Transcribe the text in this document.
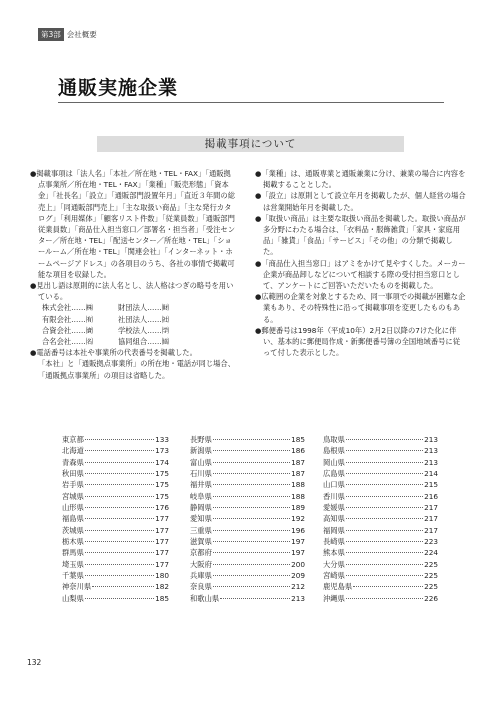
第3部 会社概要
通販実施企業
掲載事項について
●掲載事項は「法人名」「本社／所在地・TEL・FAX」「通販拠点事業所／所在地・TEL・FAX」「業種」「販売形態」「資本金」「社長名」「設立」「通販部門設置年月」「直近３年間の総売上」「同通販部門売上」「主な取扱い商品」「主な発行カタログ」「利用媒体」「顧客リスト件数」「従業員数」「通販部門従業員数」「商品仕入担当窓口／部署名・担当者」「受注センター／所在地・TEL」「配送センター／所在地・TEL」「ショールーム／所在地・TEL」「関連会社」「インターネット・ホームページアドレス」の各項目のうち、各社の事情で掲載可能な項目を収録した。
●見出し語は原則的に法人名とし、法人格はつぎの略号を用いている。
株式会社……㈱	財団法人……㈶
有限会社……㈲	社団法人……㈳
合資会社……㈾	学校法人……㈻
合名会社……㈴	協同組合……㈿
●電話番号は本社や事業所の代表番号を掲載した。
「本社」と「通販拠点事業所」の所在地・電話が同じ場合、「通販拠点事業所」の項目は省略した。
●「業種」は、通販専業と通販兼業に分け、兼業の場合に内容を掲載することとした。
●「設立」は原則として設立年月を掲載したが、個人経営の場合は営業開始年月を掲載した。
●「取扱い商品」は主要な取扱い商品を掲載した。取扱い商品が多分野にわたる場合は、「衣料品・服飾雑貨」「家具・家庭用品」「雑貨」「食品」「サービス」「その他」の分類で掲載した。
●「商品仕入担当窓口」はアミをかけて見やすくした。メーカー企業が商品卸しなどについて相談する際の受付担当窓口として、アンケートにご回答いただいたものを掲載した。
●広範囲の企業を対象とするため、同一事項での掲載が困難な企業もあり、その特殊性に沿って掲載事項を変更したものもある。
●郵便番号は1998年（平成10年）2月2日以降の7けた化に伴い、基本的に郵便局作成・新郵便番号簿の全国地域番号に従って付した表示とした。
東京都	133
北海道	173
青森県	174
秋田県	175
岩手県	175
宮城県	175
山形県	176
福島県	177
茨城県	177
栃木県	177
群馬県	177
埼玉県	177
千葉県	180
神奈川県	182
山梨県	185
長野県	185
新潟県	186
富山県	187
石川県	187
福井県	188
岐阜県	188
静岡県	189
愛知県	192
三重県	196
滋賀県	197
京都府	197
大阪府	200
兵庫県	209
奈良県	212
和歌山県	213
鳥取県	213
島根県	213
岡山県	213
広島県	214
山口県	215
香川県	216
愛媛県	217
高知県	217
福岡県	217
長崎県	223
熊本県	224
大分県	225
宮崎県	225
鹿児島県	225
沖縄県	226
132
